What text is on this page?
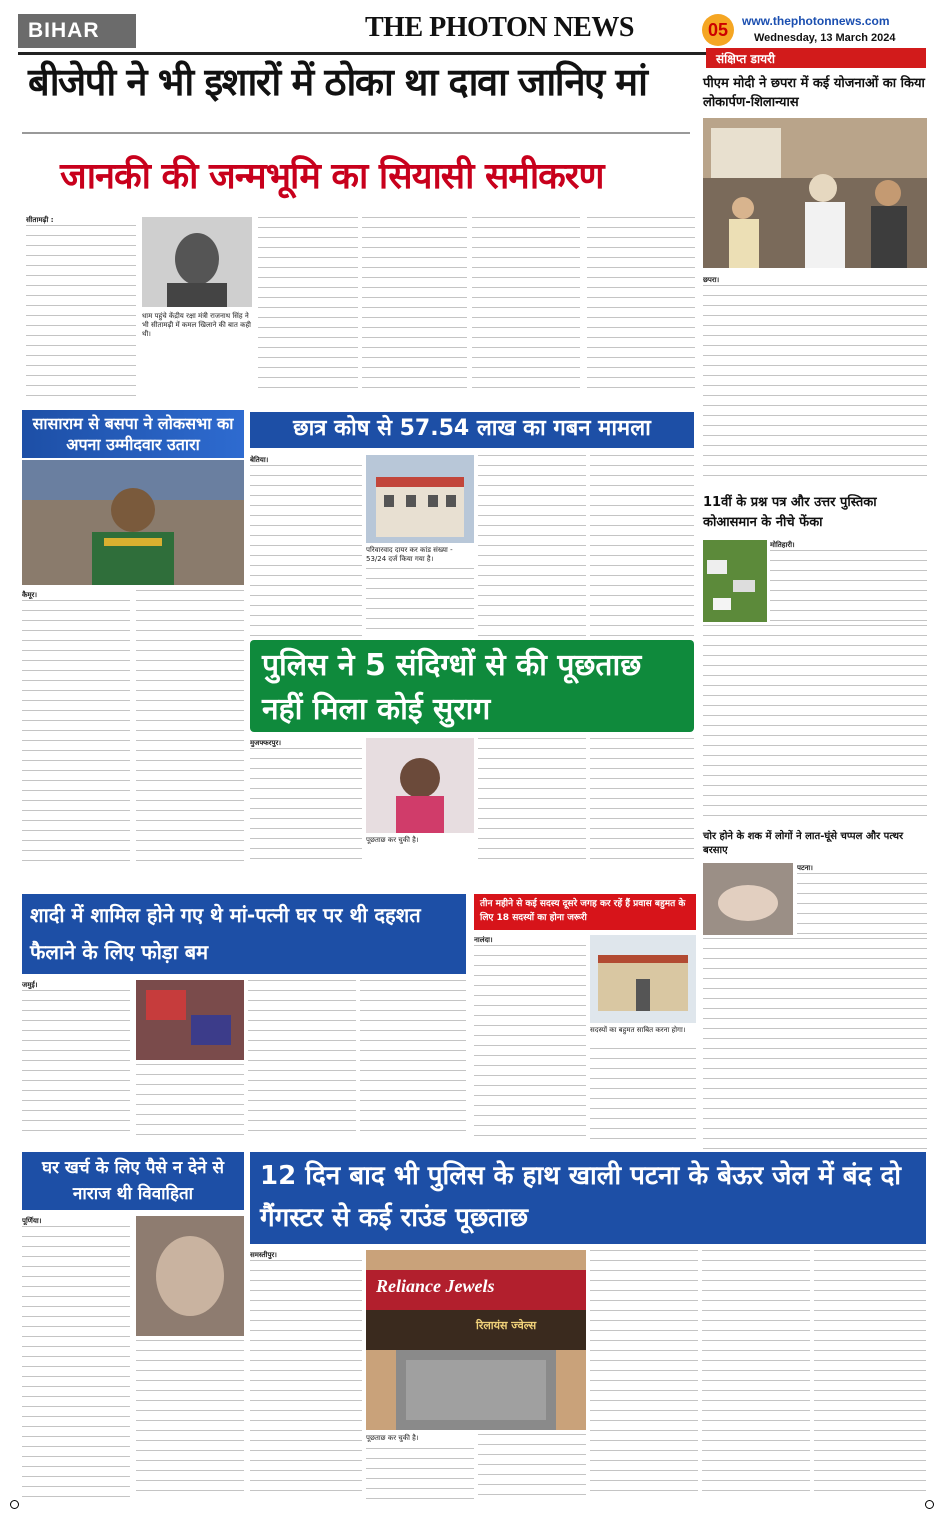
BIHAR	THE PHOTON NEWS	05	www.thephotonnews.com
Wednesday, 13 March 2024
बीजेपी ने भी इशारों में ठोका था दावा जानिए मां
जानकी की जन्मभूमि का सियासी समीकरण
सीतामढ़ी :
धाम पहुंचे केंद्रीय रक्षा मंत्री राजनाथ सिंह ने भी सीतामढ़ी में कमल खिलाने की बात कही थी।
संक्षिप्त डायरी
पीएम मोदी ने छपरा में कई योजनाओं का किया लोकार्पण-शिलान्यास
छपरा।
11वीं के प्रश्न पत्र और उत्तर पुस्तिका कोआसमान के नीचे फेंका
मोतिहारी।
चोर होने के शक में लोगों ने लात-घूंसे चप्पल और पत्थर बरसाए
पटना।
सासाराम से बसपा ने लोकसभा का अपना उम्मीदवार उतारा
कैमूर।
छात्र कोष से 57.54 लाख का गबन मामला
बेतिया।
परिवारवाद दायर कर कांड संख्या - 53/24 दर्ज किया गया है।
पुलिस ने 5 संदिग्धों से की पूछताछ नहीं मिला कोई सुराग
मुजफ्फरपुर।
पूछताछ कर चुकी है।
शादी में शामिल होने गए थे मां-पत्नी घर पर थी दहशत फैलाने के लिए फोड़ा बम
जमुई।
तीन महीने से कई सदस्य दूसरे जगह कर रहें हैं प्रवास बहुमत के लिए 18 सदस्यों का होना जरूरी
नालंदा।
सदस्यों का बहुमत साबित करना होगा।
घर खर्च के लिए पैसे न देने से नाराज थी विवाहिता
पूर्णिया।
12 दिन बाद भी पुलिस के हाथ खाली पटना के बेऊर जेल में बंद दो गैंगस्टर से कई राउंड पूछताछ
समस्तीपुर।
Reliance Jewels
रिलायंस ज्वेल्स
पूछताछ कर चुकी है।
